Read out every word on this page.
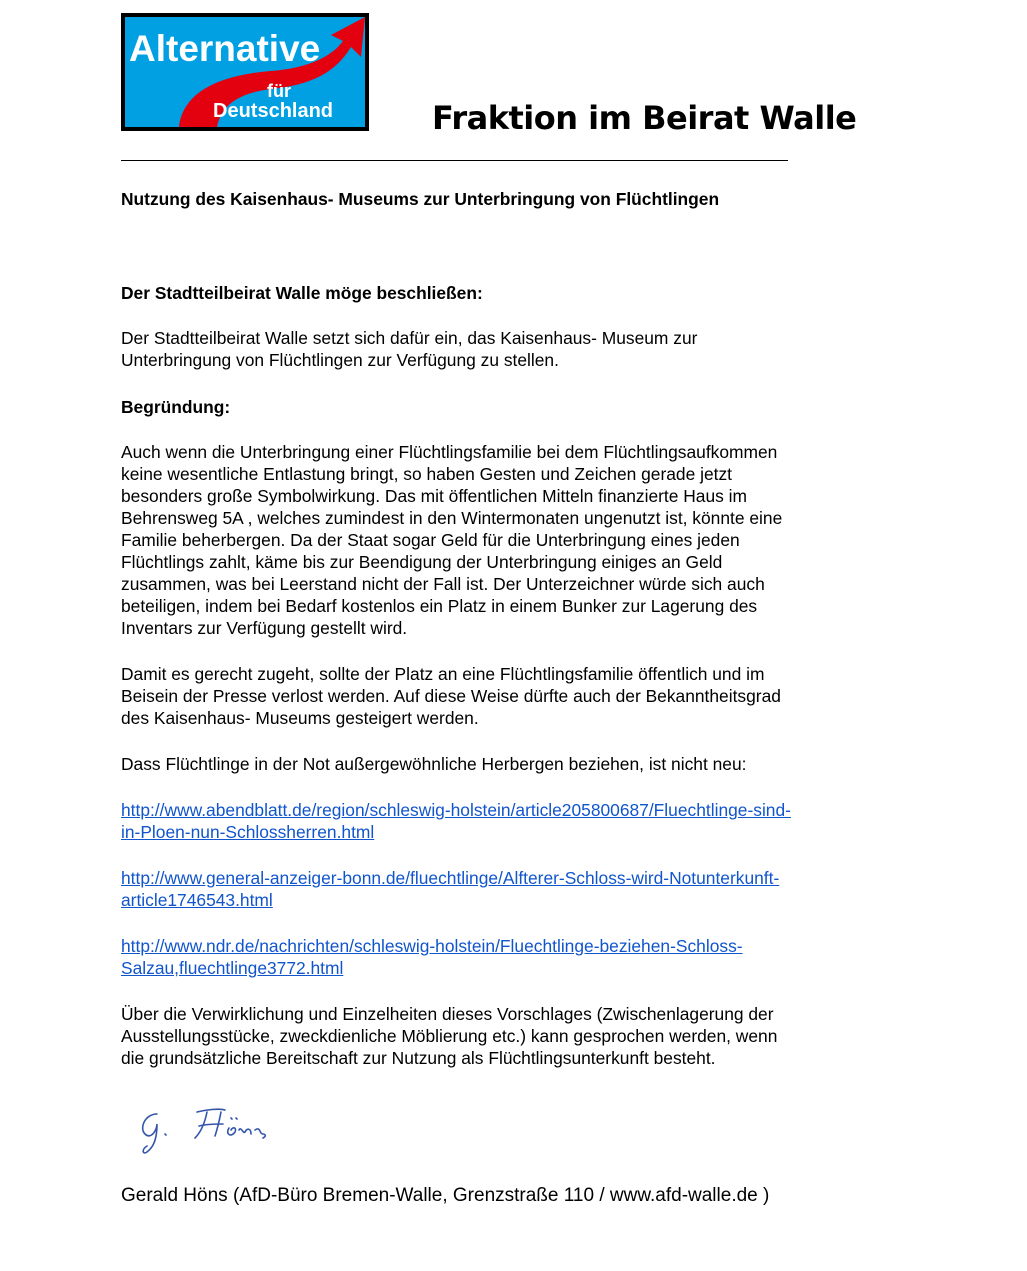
Alternative
für
Deutschland	Fraktion im Beirat Walle
Nutzung des Kaisenhaus- Museums zur Unterbringung von Flüchtlingen
Der Stadtteilbeirat Walle möge beschließen:
Der Stadtteilbeirat Walle setzt sich dafür ein, das Kaisenhaus- Museum zur
Unterbringung von Flüchtlingen zur Verfügung zu stellen.
Begründung:
Auch wenn die Unterbringung einer Flüchtlingsfamilie bei dem Flüchtlingsaufkommen
keine wesentliche Entlastung bringt, so haben Gesten und Zeichen gerade jetzt
besonders große Symbolwirkung. Das mit öffentlichen Mitteln finanzierte Haus im
Behrensweg 5A , welches zumindest in den Wintermonaten ungenutzt ist, könnte eine
Familie beherbergen. Da der Staat sogar Geld für die Unterbringung eines jeden
Flüchtlings zahlt, käme bis zur Beendigung der Unterbringung einiges an Geld
zusammen, was bei Leerstand nicht der Fall ist. Der Unterzeichner würde sich auch
beteiligen, indem bei Bedarf kostenlos ein Platz in einem Bunker zur Lagerung des
Inventars zur Verfügung gestellt wird.
Damit es gerecht zugeht, sollte der Platz an eine Flüchtlingsfamilie öffentlich und im
Beisein der Presse verlost werden. Auf diese Weise dürfte auch der Bekanntheitsgrad
des Kaisenhaus- Museums gesteigert werden.
Dass Flüchtlinge in der Not außergewöhnliche Herbergen beziehen, ist nicht neu:
http://www.abendblatt.de/region/schleswig-holstein/article205800687/Fluechtlinge-sind-
in-Ploen-nun-Schlossherren.html
http://www.general-anzeiger-bonn.de/fluechtlinge/Alfterer-Schloss-wird-Notunterkunft-
article1746543.html
http://www.ndr.de/nachrichten/schleswig-holstein/Fluechtlinge-beziehen-Schloss-
Salzau,fluechtlinge3772.html
Über die Verwirklichung und Einzelheiten dieses Vorschlages (Zwischenlagerung der
Ausstellungsstücke, zweckdienliche Möblierung etc.) kann gesprochen werden, wenn
die grundsätzliche Bereitschaft zur Nutzung als Flüchtlingsunterkunft besteht.
Gerald Höns (AfD-Büro Bremen-Walle, Grenzstraße 110 / www.afd-walle.de )
